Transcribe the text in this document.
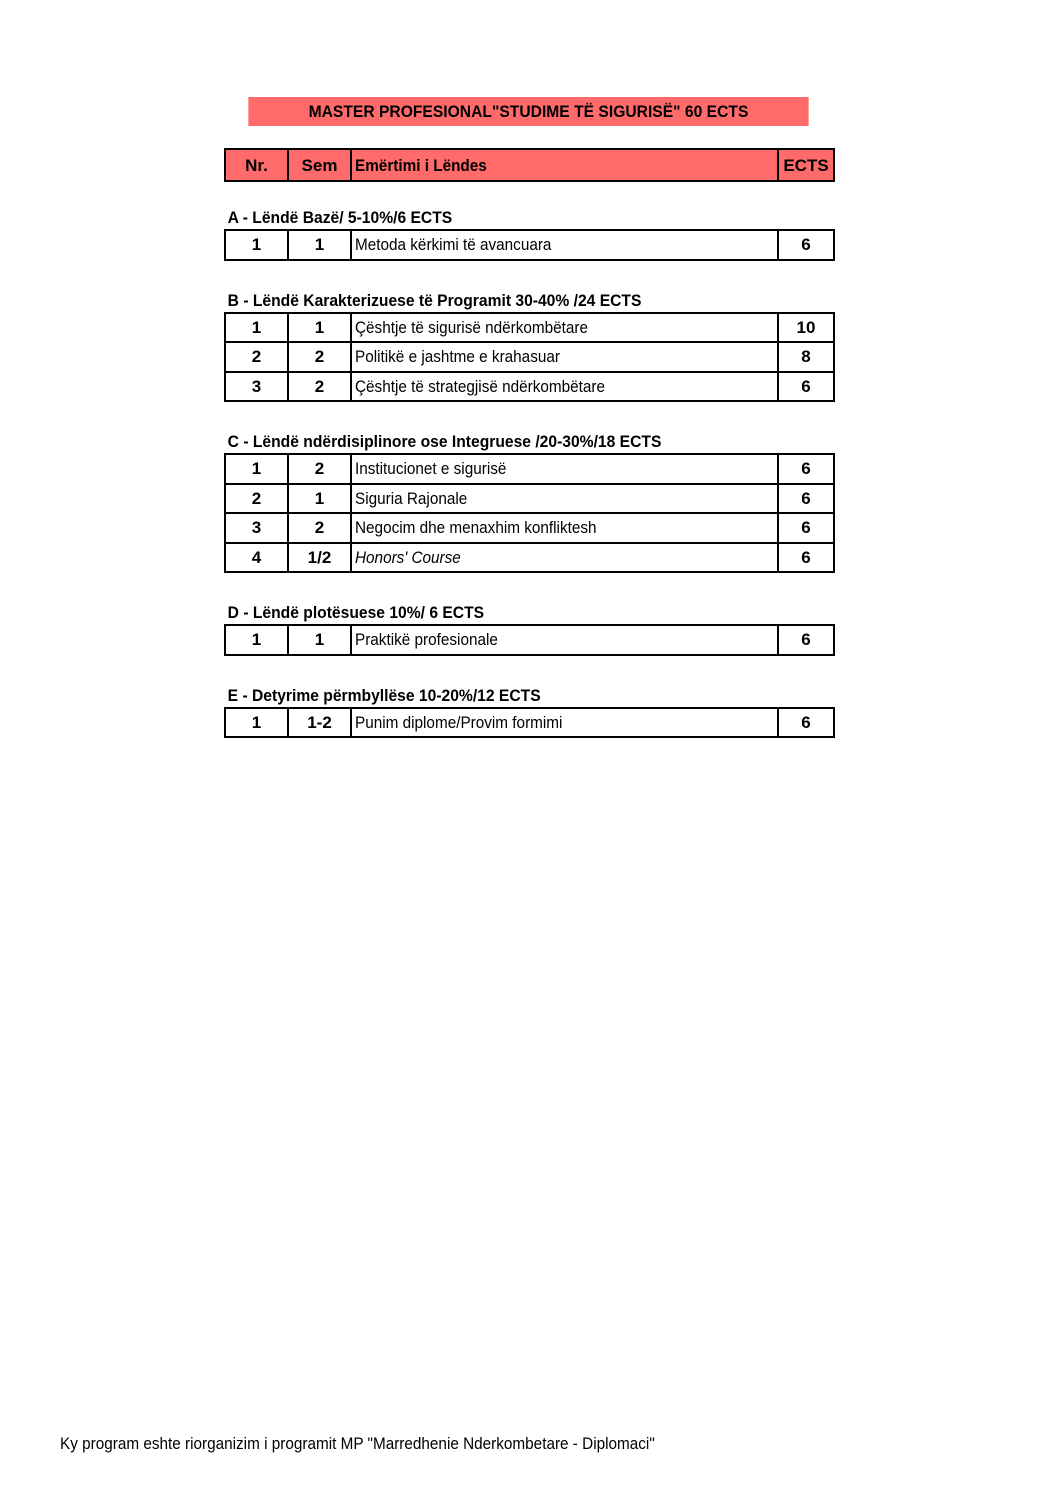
MASTER PROFESIONAL"STUDIME TË SIGURISË" 60 ECTS
Nr.	Sem	Emërtimi i Lëndes	ECTS
A - Lëndë Bazë/ 5-10%/6 ECTS
1	1	Metoda kërkimi të avancuara	6
B - Lëndë Karakterizuese të Programit 30-40% /24 ECTS
1	1	Çështje të sigurisë ndërkombëtare	10
2	2	Politikë e jashtme e krahasuar	8
3	2	Çështje të strategjisë ndërkombëtare	6
C - Lëndë ndërdisiplinore ose Integruese /20-30%/18 ECTS
1	2	Institucionet e sigurisë	6
2	1	Siguria Rajonale	6
3	2	Negocim dhe menaxhim konfliktesh	6
4	1/2	Honors' Course	6
D - Lëndë plotësuese 10%/ 6 ECTS
1	1	Praktikë profesionale	6
E - Detyrime përmbyllëse 10-20%/12 ECTS
1	1-2	Punim diplome/Provim formimi	6
Ky program eshte riorganizim i programit MP "Marredhenie Nderkombetare - Diplomaci"
